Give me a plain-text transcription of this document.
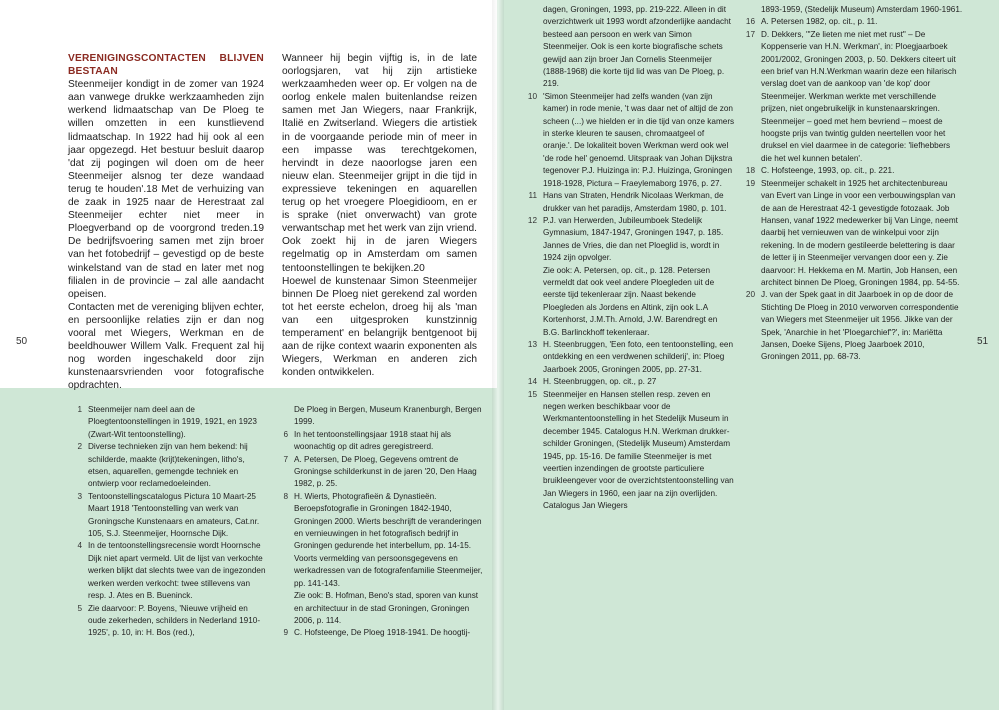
VERENIGINGSCONTACTEN BLIJVEN BESTAAN

Steenmeijer kondigt in de zomer van 1924 aan vanwege drukke werkzaamheden zijn werkend lidmaatschap van De Ploeg te willen omzetten in een kunstlievend lidmaatschap. In 1922 had hij ook al een jaar opgezegd. Het bestuur besluit daarop 'dat zij pogingen wil doen om de heer Steenmeijer alsnog ter deze wandaad terug te houden'.18 Met de verhuizing van de zaak in 1925 naar de Herestraat zal Steenmeijer echter niet meer in Ploegverband op de voorgrond treden.19 De bedrijfsvoering samen met zijn broer van het fotobedrijf – gevestigd op de beste winkelstand van de stad en later met nog filialen in de provincie – zal alle aandacht opeisen.

Contacten met de vereniging blijven echter, en persoonlijke relaties zijn er dan nog vooral met Wiegers, Werkman en de beeldhouwer Willem Valk. Frequent zal hij nog worden ingeschakeld door zijn kunstenaarsvrienden voor fotografische opdrachten.

Wanneer hij begin vijftig is, in de late oorlogsjaren, vat hij zijn artistieke werkzaamheden weer op. Er volgen na de oorlog enkele malen buitenlandse reizen samen met Jan Wiegers, naar Frankrijk, Italië en Zwitserland. Wiegers die artistiek in de voorgaande periode min of meer in een impasse was terechtgekomen, hervindt in deze naoorlogse jaren een nieuw elan. Steenmeijer grijpt in die tijd in expressieve tekeningen en aquarellen terug op het vroegere Ploegidioom, en er is sprake (niet onverwacht) van grote verwantschap met het werk van zijn vriend. Ook zoekt hij in de jaren Wiegers regelmatig op in Amsterdam om samen tentoonstellingen te bekijken.20

Hoewel de kunstenaar Simon Steenmeijer binnen De Ploeg niet gerekend zal worden tot het eerste echelon, droeg hij als 'man van een uitgesproken kunstzinnig temperament' en belangrijk bentgenoot bij aan de rijke context waarin exponenten als Wiegers, Werkman en anderen zich konden ontwikkelen.

50
1 Steenmeijer nam deel aan de Ploegtentoonstellingen in 1919, 1921, en 1923 (Zwart-Wit tentoonstelling).
2 Diverse technieken zijn van hem bekend: hij schilderde, maakte (krijt)tekeningen, litho's, etsen, aquarellen, gemengde techniek en ontwierp voor reclamedoeleinden.
3 Tentoonstellingscatalogus Pictura 10 Maart-25 Maart 1918 'Tentoonstelling van werk van Groningsche Kunstenaars en amateurs, Cat.nr. 105, S.J. Steenmeijer, Hoornsche Dijk.
4 In de tentoonstellingsrecensie wordt Hoornsche Dijk niet apart vermeld. Uit de lijst van verkochte werken blijkt dat slechts twee van de ingezonden werken werden verkocht: twee stillevens van resp. J. Ates en B. Bueninck.
5 Zie daarvoor: P. Boyens, 'Nieuwe vrijheid en oude zekerheden, schilders in Nederland 1910-1925', p. 10, in: H. Bos (red.),
De Ploeg in Bergen, Museum Kranenburgh, Bergen 1999.
6 In het tentoonstellingsjaar 1918 staat hij als woonachtig op dit adres geregistreerd.
7 A. Petersen, De Ploeg, Gegevens omtrent de Groningse schilderkunst in de jaren '20, Den Haag 1982, p. 25.
8 H. Wierts, Photografieën & Dynastieën. Beroepsfotografie in Groningen 1842-1940, Groningen 2000. Wierts beschrijft de veranderingen en vernieuwingen in het fotografisch bedrijf in Groningen gedurende het interbellum, pp. 14-15. Voorts vermelding van persoonsgegevens en werkadressen van de fotografenfamilie Steenmeijer, pp. 141-143.
Zie ook: B. Hofman, Beno's stad, sporen van kunst en architectuur in de stad Groningen, Groningen 2006, p. 114.
9 C. Hofsteenge, De Ploeg 1918-1941. De hoogtij-
dagen, Groningen, 1993, pp. 219-222. Alleen in dit overzichtwerk uit 1993 wordt afzonderlijke aandacht besteed aan persoon en werk van Simon Steenmeijer. Ook is een korte biografische schets gewijd aan zijn broer Jan Cornelis Steenmeijer (1888-1968) die korte tijd lid was van De Ploeg, p. 219.
10 'Simon Steenmeijer had zelfs wanden (van zijn kamer) in rode menie, 't was daar net of altijd de zon scheen (...) we hielden er in die tijd van onze kamers in sterke kleuren te sausen, chromaatgeel of oranje.'. De lokaliteit boven Werkman werd ook wel 'de rode hel' genoemd. Uitspraak van Johan Dijkstra tegenover P.J. Huizinga in: P.J. Huizinga, Groningen 1918-1928, Pictura – Fraeylemaborg 1976, p. 27.
11 Hans van Straten, Hendrik Nicolaas Werkman, de drukker van het paradijs, Amsterdam 1980, p. 101.
12 P.J. van Herwerden, Jubileumboek Stedelijk Gymnasium, 1847-1947, Groningen 1947, p. 185. Jannes de Vries, die dan net Ploeglid is, wordt in 1924 zijn opvolger.
Zie ook: A. Petersen, op. cit., p. 128. Petersen vermeldt dat ook veel andere Ploegleden uit de eerste tijd tekenleraar zijn. Naast bekende Ploegleden als Jordens en Altink, zijn ook L.A Kortenhorst, J.M.Th. Arnold, J.W. Barendregt en B.G. Barlinckhoff tekenleraar.
13 H. Steenbruggen, 'Een foto, een tentoonstelling, een ontdekking en een verdwenen schilderij', in: Ploeg Jaarboek 2005, Groningen 2005, pp. 27-31.
14 H. Steenbruggen, op. cit., p. 27
15 Steenmeijer en Hansen stellen resp. zeven en negen werken beschikbaar voor de Werkmantentoonstelling in het Stedelijk Museum in december 1945. Catalogus H.N. Werkman drukker-schilder Groningen, (Stedelijk Museum) Amsterdam 1945, pp. 15-16. De familie Steenmeijer is met veertien inzendingen de grootste particuliere bruikleengever voor de overzichtstentoonstelling van Jan Wiegers in 1960, een jaar na zijn overlijden. Catalogus Jan Wiegers
1893-1959, (Stedelijk Museum) Amsterdam 1960-1961.
16 A. Petersen 1982, op. cit., p. 11.
17 D. Dekkers, '"Ze lieten me niet met rust" – De Koppenserie van H.N. Werkman', in: Ploegjaarboek 2001/2002, Groningen 2003, p. 50. Dekkers citeert uit een brief van H.N.Werkman waarin deze een hilarisch verslag doet van de aankoop van 'de kop' door Steenmeijer. Werkman werkte met verschillende prijzen, niet ongebruikelijk in kunstenaarskringen. Steenmeijer – goed met hem bevriend – moest de hoogste prijs van twintig gulden neertellen voor het druksel en viel daarmee in de categorie: 'liefhebbers die het wel kunnen betalen'.
18 C. Hofsteenge, 1993, op. cit., p. 221.
19 Steenmeijer schakelt in 1925 het architectenbureau van Evert van Linge in voor een verbouwingsplan van de aan de Herestraat 42-1 gevestigde fotozaak. Job Hansen, vanaf 1922 medewerker bij Van Linge, neemt daarbij het vernieuwen van de winkelpui voor zijn rekening. In de modern gestileerde belettering is daar de letter ij in Steenmeijer vervangen door een y. Zie daarvoor: H. Hekkema en M. Martin, Job Hansen, een architect binnen De Ploeg, Groningen 1984, pp. 54-55.
20 J. van der Spek gaat in dit Jaarboek in op de door de Stichting De Ploeg in 2010 verworven correspondentie van Wiegers met Steenmeijer uit 1956. Jikke van der Spek, 'Anarchie in het 'Ploegarchief'?', in: Mariëtta Jansen, Doeke Sijens, Ploeg Jaarboek 2010, Groningen 2011, pp. 68-73.
51
